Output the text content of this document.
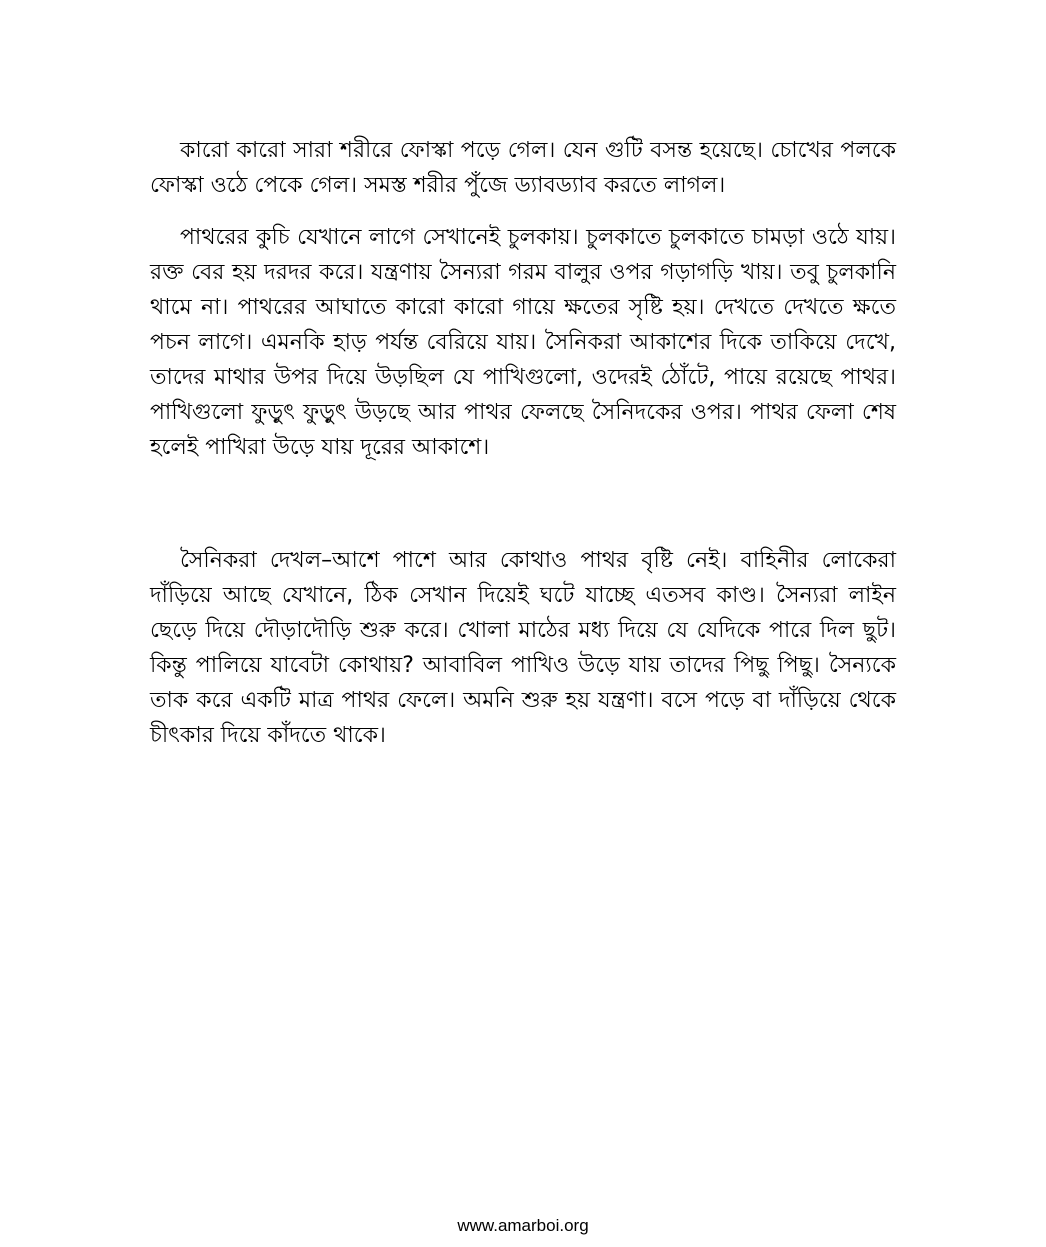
কারো কারো সারা শরীরে ফোস্কা পড়ে গেল। যেন গুটি বসন্ত হয়েছে। চোখের পলকে ফোস্কা ওঠে পেকে গেল। সমস্ত শরীর পুঁজে ড্যাবড্যাব করতে লাগল।

পাথরের কুচি যেখানে লাগে সেখানেই চুলকায়। চুলকাতে চুলকাতে চামড়া ওঠে যায়। রক্ত বের হয় দরদর করে। যন্ত্রণায় সৈন্যরা গরম বালুর ওপর গড়াগড়ি খায়। তবু চুলকানি থামে না। পাথরের আঘাতে কারো কারো গায়ে ক্ষতের সৃষ্টি হয়। দেখতে দেখতে ক্ষতে পচন লাগে। এমনকি হাড় পর্যন্ত বেরিয়ে যায়। সৈনিকরা আকাশের দিকে তাকিয়ে দেখে, তাদের মাথার উপর দিয়ে উড়ছিল যে পাখিগুলো, ওদেরই ঠোঁটে, পায়ে রয়েছে পাথর। পাখিগুলো ফুড়ুৎ ফুড়ুৎ উড়ছে আর পাথর ফেলছে সৈনিদকের ওপর। পাথর ফেলা শেষ হলেই পাখিরা উড়ে যায় দূরের আকাশে।

সৈনিকরা দেখল–আশে পাশে আর কোথাও পাথর বৃষ্টি নেই। বাহিনীর লোকেরা দাঁড়িয়ে আছে যেখানে, ঠিক সেখান দিয়েই ঘটে যাচ্ছে এতসব কাণ্ড। সৈন্যরা লাইন ছেড়ে দিয়ে দৌড়াদৌড়ি শুরু করে। খোলা মাঠের মধ্য দিয়ে যে যেদিকে পারে দিল ছুট। কিন্তু পালিয়ে যাবেটা কোথায়? আবাবিল পাখিও উড়ে যায় তাদের পিছু পিছু। সৈন্যকে তাক করে একটি মাত্র পাথর ফেলে। অমনি শুরু হয় যন্ত্রণা। বসে পড়ে বা দাঁড়িয়ে থেকে চীৎকার দিয়ে কাঁদতে থাকে।

www.amarboi.org
